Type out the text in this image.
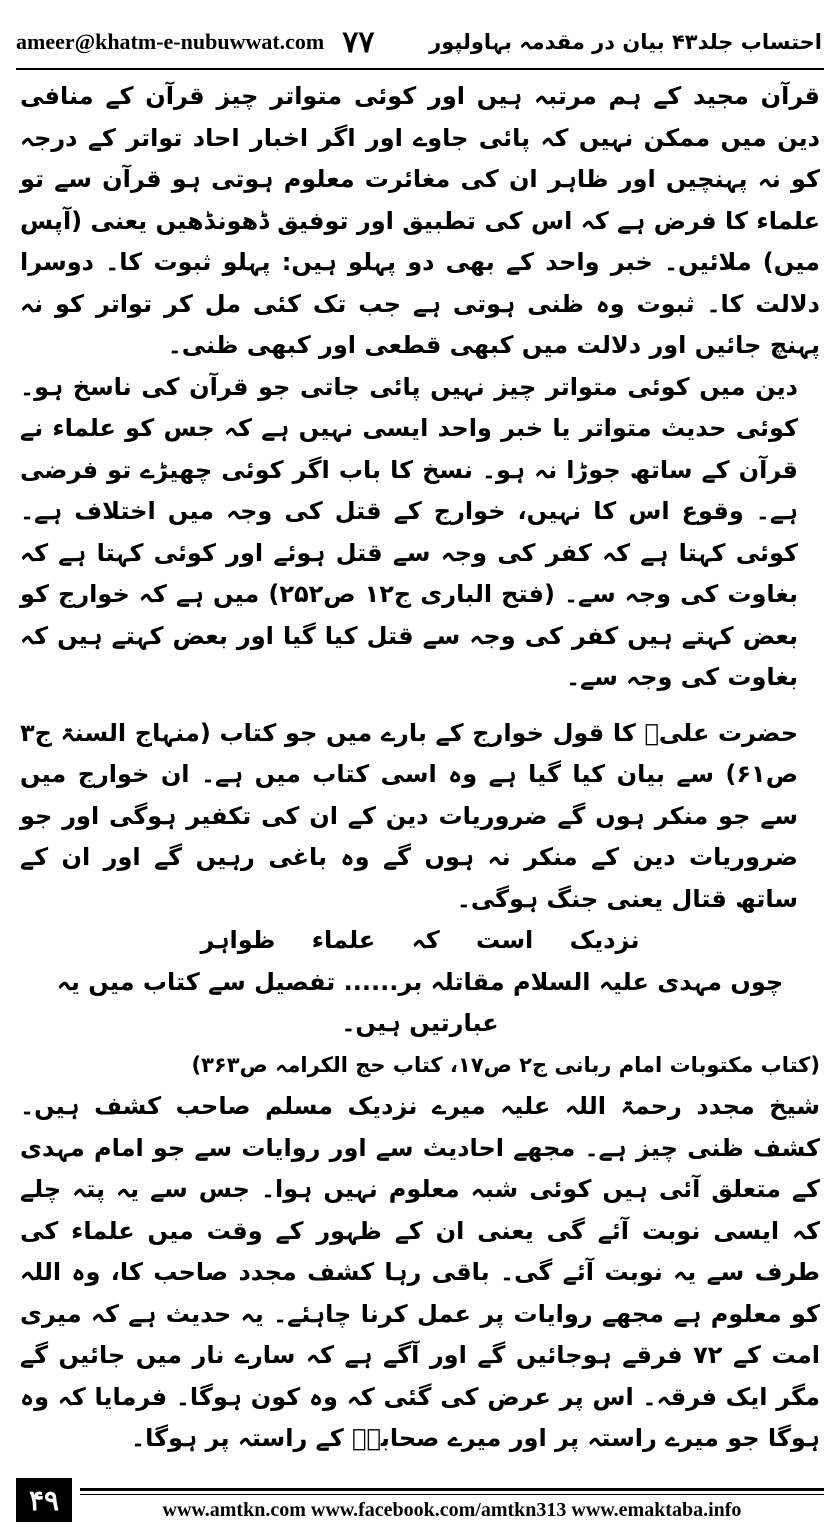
ameer@khatm-e-nubuwwat.com ۷۷	احتساب جلد۴۳ بیان در مقدمہ بہاولپور

قرآن مجید کے ہم مرتبہ ہیں اور کوئی متواتر چیز قرآن کے منافی دین میں ممکن نہیں کہ پائی جاوے اور اگر اخبار احاد تواتر کے درجہ کو نہ پہنچیں اور ظاہر ان کی مغائرت معلوم ہوتی ہو قرآن سے تو علماء کا فرض ہے کہ اس کی تطبیق اور توفیق ڈھونڈھیں یعنی (آپس میں) ملائیں۔ خبر واحد کے بھی دو پہلو ہیں: پہلو ثبوت کا۔ دوسرا دلالت کا۔ ثبوت وہ ظنی ہوتی ہے جب تک کئی مل کر تواتر کو نہ پہنچ جائیں اور دلالت میں کبھی قطعی اور کبھی ظنی۔

دین میں کوئی متواتر چیز نہیں پائی جاتی جو قرآن کی ناسخ ہو۔ کوئی حدیث متواتر یا خبر واحد ایسی نہیں ہے کہ جس کو علماء نے قرآن کے ساتھ جوڑا نہ ہو۔ نسخ کا باب اگر کوئی چھیڑے تو فرضی ہے۔ وقوع اس کا نہیں، خوارج کے قتل کی وجہ میں اختلاف ہے۔ کوئی کہتا ہے کہ کفر کی وجہ سے قتل ہوئے اور کوئی کہتا ہے کہ بغاوت کی وجہ سے۔ (فتح الباری ج۱۲ ص۲۵۲) میں ہے کہ خوارج کو بعض کہتے ہیں کفر کی وجہ سے قتل کیا گیا اور بعض کہتے ہیں کہ بغاوت کی وجہ سے۔

حضرت علیؓ کا قول خوارج کے بارے میں جو کتاب (منہاج السنۃ ج۳ ص۶۱) سے بیان کیا گیا ہے وہ اسی کتاب میں ہے۔ ان خوارج میں سے جو منکر ہوں گے ضروریات دین کے ان کی تکفیر ہوگی اور جو ضروریات دین کے منکر نہ ہوں گے وہ باغی رہیں گے اور ان کے ساتھ قتال یعنی جنگ ہوگی۔

نزدیک است کہ علماء ظواہر

چوں مہدی علیہ السلام مقاتلہ بر...... تفصیل سے کتاب میں یہ عبارتیں ہیں۔

(کتاب مکتوبات امام ربانی ج۲ ص۱۷، کتاب حج الکرامہ ص۳۶۳)

شیخ مجدد رحمۃ اللہ علیہ میرے نزدیک مسلم صاحب کشف ہیں۔ کشف ظنی چیز ہے۔ مجھے احادیث سے اور روایات سے جو امام مہدی کے متعلق آئی ہیں کوئی شبہ معلوم نہیں ہوا۔ جس سے یہ پتہ چلے کہ ایسی نوبت آئے گی یعنی ان کے ظہور کے وقت میں علماء کی طرف سے یہ نوبت آئے گی۔ باقی رہا کشف مجدد صاحب کا، وہ اللہ کو معلوم ہے مجھے روایات پر عمل کرنا چاہئے۔ یہ حدیث ہے کہ میری امت کے ۷۲ فرقے ہوجائیں گے اور آگے ہے کہ سارے نار میں جائیں گے مگر ایک فرقہ۔ اس پر عرض کی گئی کہ وہ کون ہوگا۔ فرمایا کہ وہ ہوگا جو میرے راستہ پر اور میرے صحابہؓ کے راستہ پر ہوگا۔

۴۹	www.amtkn.com www.facebook.com/amtkn313 www.emaktaba.info
